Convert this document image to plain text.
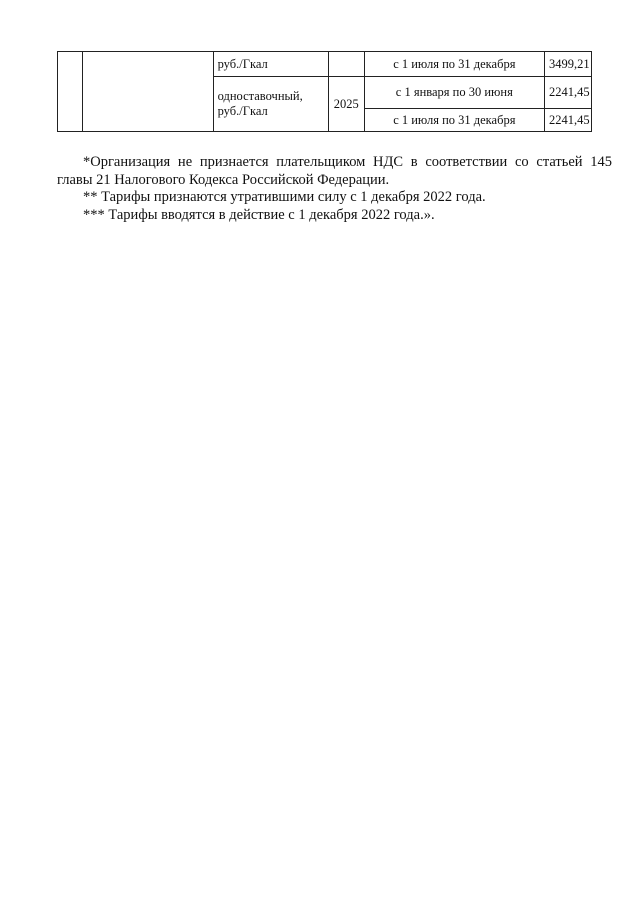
		руб./Гкал		с 1 июля по 31 декабря	3499,21
		одноставочный, руб./Гкал	2025	с 1 января по 30 июня	2241,45
				с 1 июля по 31 декабря	2241,45

*Организация не признается плательщиком НДС в соответствии со статьей 145

главы 21 Налогового Кодекса Российской Федерации.

** Тарифы признаются утратившими силу с 1 декабря 2022 года.

*** Тарифы вводятся в действие с 1 декабря 2022 года.».
